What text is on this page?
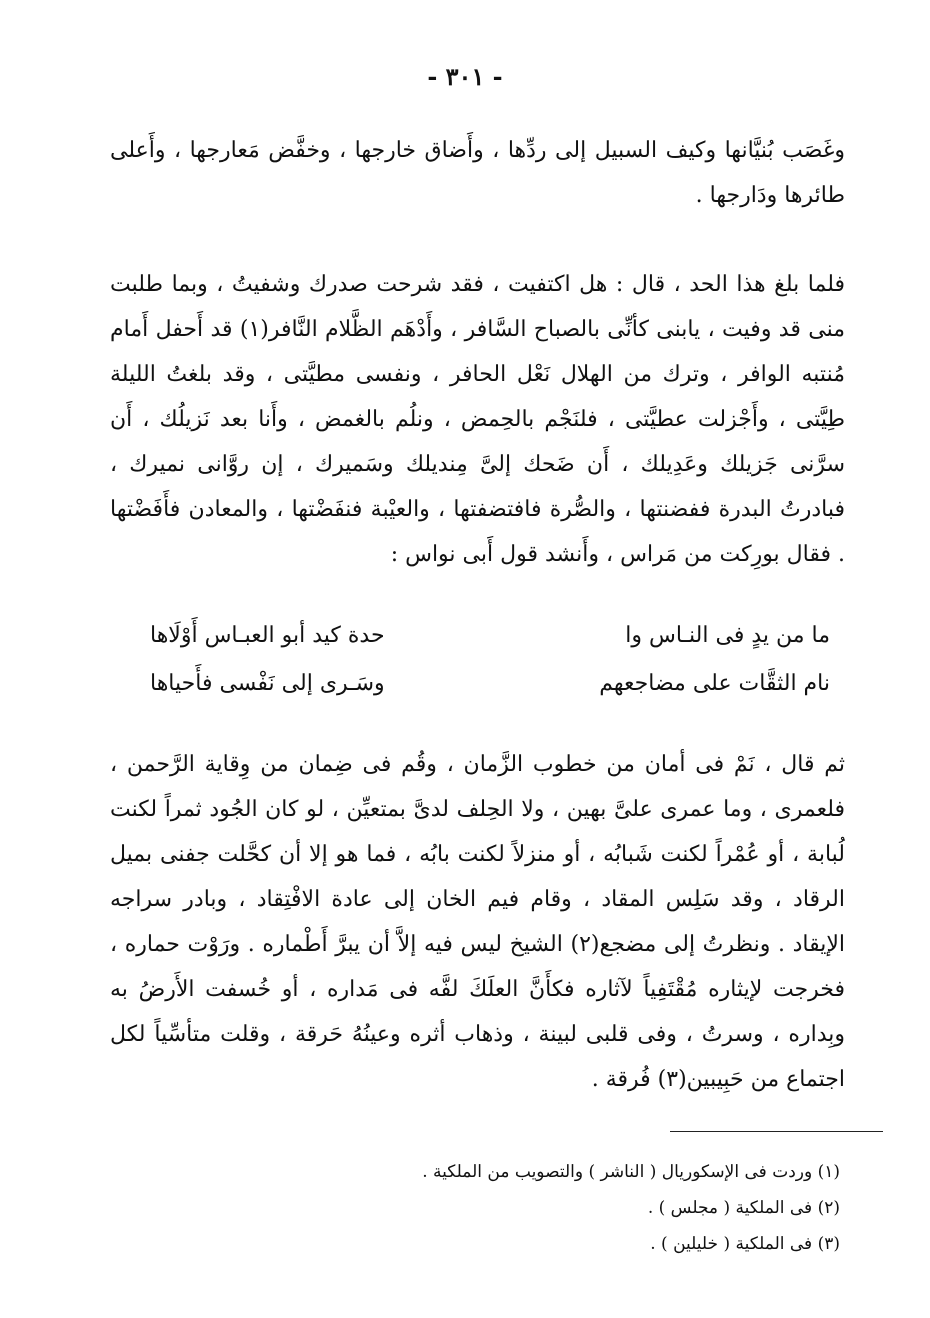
- ٣٠١ -

وغَصَب بُنيَّانها وكيف السبيل إلى ردِّها ، وأَضاق خارجها ، وخفَّض مَعارجها ، وأَعلى طائرها ودَارجها .

فلما بلغ هذا الحد ، قال : هل اكتفيت ، فقد شرحت صدرك وشفيتُ ، وبما طلبت منى قد وفيت ، يابنى كأنِّى بالصباح السَّافر ، وأَدْهَم الظَّلام النَّافر(١) قد أَحفل أَمام مُنتبه الوافر ، وترك من الهلال نَعْل الحافر ، ونفسى مطيَّتى ، وقد بلغتُ الليلة طِيَّتى ، وأَجْزلت عطيَّتى ، فلنَجْم بالحِمض ، ونلُم بالغمض ، وأَنا بعد نَزيلُك ، أَن سرَّنى جَزيلك وعَدِيلك ، أَن ضَحك إلىَّ مِنديلك وسَميرك ، إن روَّانى نميرك ، فبادرتُ البدرة ففضنتها ، والصُّرة فافتضفتها ، والعيْبة فنفَضْتها ، والمعادن فأَفَضْتها . فقال بورِكت من مَراس ، وأَنشد قول أَبى نواس :

ما من يدٍ فى النـاس وا
حدة كيد أبو العبـاس أَوْلَاها
نام الثقَّات على مضاجعهم
وسَـرى إلى نَفْسى فأَحياها

ثم قال ، نَمْ فى أمان من خطوب الزَّمان ، وقُم فى ضِمان من وِقاية الرَّحمن ، فلعمرى ، وما عمرى علىَّ بهين ، ولا الحِلف لدىَّ بمتعيِّن ، لو كان الجُود ثمراً لكنت لُبابة ، أو عُمْراً لكنت شَبابُه ، أو منزلاً لكنت بابُه ، فما هو إلا أن كحَّلت جفنى بميل الرقاد ، وقد سَلِس المقاد ، وقام فيم الخان إلى عادة الافْتِقاد ، وبادر سراجه الإيقاد . ونظرتُ إلى مضجع(٢) الشيخ ليس فيه إلاَّ أن يبرَّ أَطْماره . ورَوْت حماره ، فخرجت لإيثاره مُقْتَفِياً لآثاره فكأَنَّ العلَكَ لفَّه فى مَداره ، أو خُسفت الأَرضُ به وبِداره ، وسرتُ ، وفى قلبى لبينة ، وذهاب أثره وعينُهُ حَرقة ، وقلت متأسِّياً لكل اجتماع من حَبِيبين(٣) فُرقة .

(١) وردت فى الإسكوريال ( الناشر ) والتصويب من الملكية .

(٢) فى الملكية ( مجلس ) .

(٣) فى الملكية ( خليلين ) .
